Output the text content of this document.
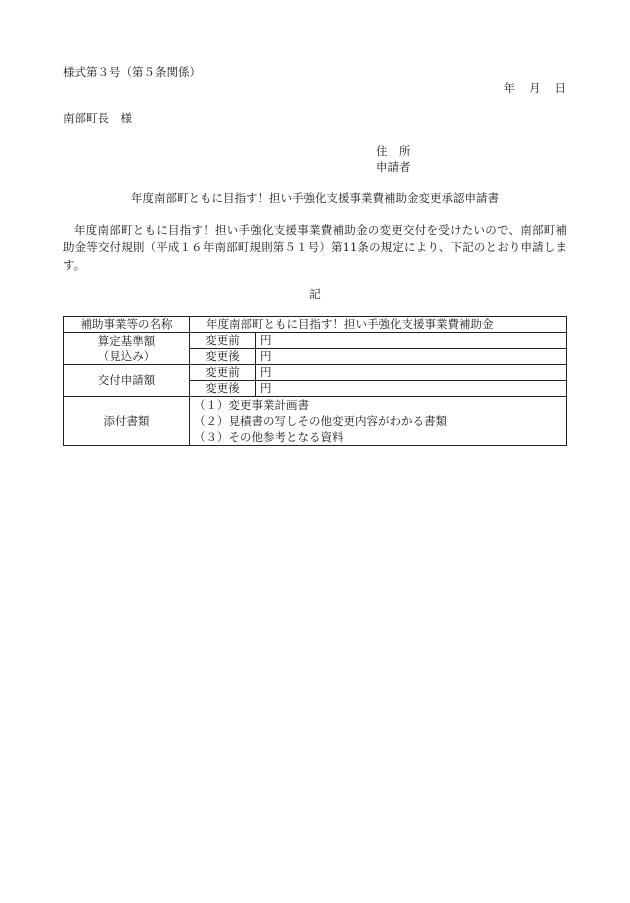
様式第３号（第５条関係）
年 月 日
南部町長　様
住　所
申請者
年度南部町ともに目指す！担い手強化支援事業費補助金変更承認申請書
年度南部町ともに目指す！担い手強化支援事業費補助金の変更交付を受けたいので、南部町補助金等交付規則（平成１６年南部町規則第５１号）第11条の規定により、下記のとおり申請します。
記
補助事業等の名称	年度南部町ともに目指す！担い手強化支援事業費補助金	

算定基準額
（見込み）	変更前	円
	変更後	円
交付申請額	変更前	円
	変更後	円
添付書類	（１）変更事業計画書
（２）見積書の写しその他変更内容がわかる書類
（３）その他参考となる資料	
